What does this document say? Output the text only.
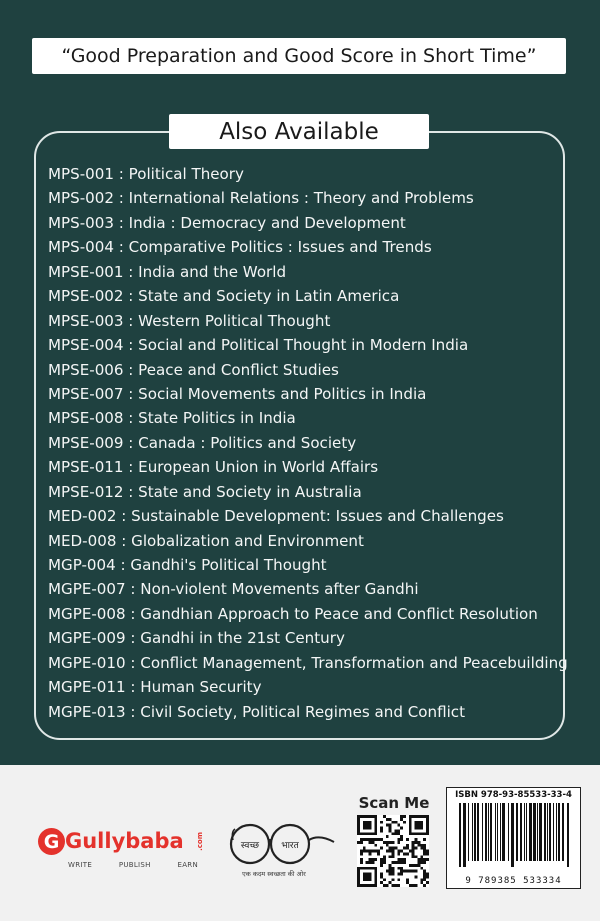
“Good Preparation and Good Score in Short Time”
Also Available
MPS-001 : Political Theory
MPS-002 : International Relations : Theory and Problems
MPS-003 : India : Democracy and Development
MPS-004 : Comparative Politics : Issues and Trends
MPSE-001 : India and the World
MPSE-002 : State and Society in Latin America
MPSE-003 : Western Political Thought
MPSE-004 : Social and Political Thought in Modern India
MPSE-006 : Peace and Conflict Studies
MPSE-007 : Social Movements and Politics in India
MPSE-008 : State Politics in India
MPSE-009 : Canada : Politics and Society
MPSE-011 : European Union in World Affairs
MPSE-012 : State and Society in Australia
MED-002 : Sustainable Development: Issues and Challenges
MED-008 : Globalization and Environment
MGP-004 : Gandhi's Political Thought
MGPE-007 : Non-violent Movements after Gandhi
MGPE-008 : Gandhian Approach to Peace and Conflict Resolution
MGPE-009 : Gandhi in the 21st Century
MGPE-010 : Conflict Management, Transformation and Peacebuilding
MGPE-011 : Human Security
MGPE-013 : Civil Society, Political Regimes and Conflict
G Gullybaba .com
WRITE	PUBLISH	EARN
स्वच्छ भारत
एक कदम स्वच्छता की ओर
Scan Me	ISBN 978-93-85533-33-4
9 789385 533334
